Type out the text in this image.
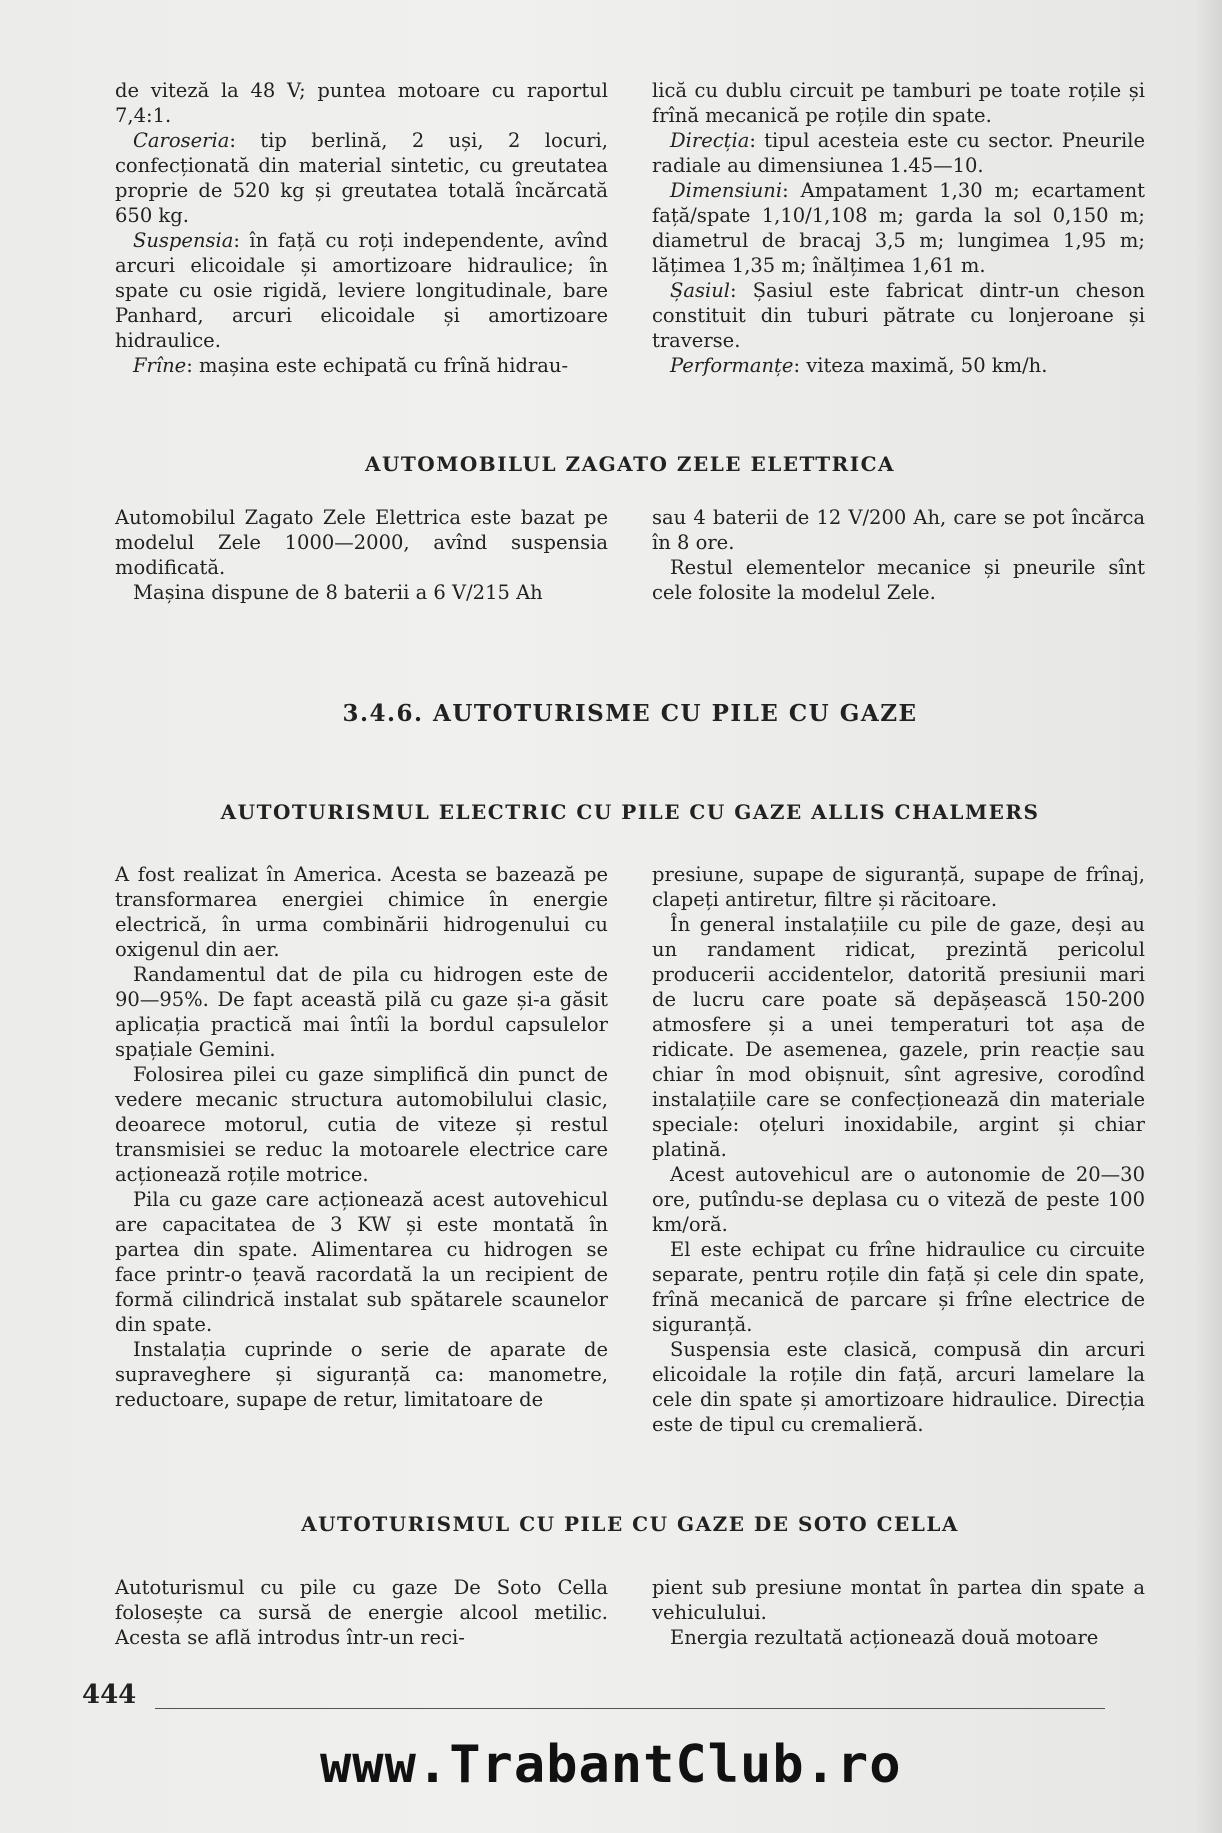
de viteză la 48 V; puntea motoare cu raportul 7,4:1.

Caroseria: tip berlină, 2 uși, 2 locuri, confecționată din material sintetic, cu greutatea proprie de 520 kg și greutatea totală încărcată 650 kg.

Suspensia: în față cu roți independente, avînd arcuri elicoidale și amortizoare hidraulice; în spate cu osie rigidă, leviere longitudinale, bare Panhard, arcuri elicoidale și amortizoare hidraulice.

Frîne: mașina este echipată cu frînă hidrau-

lică cu dublu circuit pe tamburi pe toate roțile și frînă mecanică pe roțile din spate.

Direcția: tipul acesteia este cu sector. Pneurile radiale au dimensiunea 1.45—10.

Dimensiuni: Ampatament 1,30 m; ecartament față/spate 1,10/1,108 m; garda la sol 0,150 m; diametrul de bracaj 3,5 m; lungimea 1,95 m; lățimea 1,35 m; înălțimea 1,61 m.

Șasiul: Șasiul este fabricat dintr-un cheson constituit din tuburi pătrate cu lonjeroane și traverse.

Performanțe: viteza maximă, 50 km/h.

AUTOMOBILUL ZAGATO ZELE ELETTRICA

Automobilul Zagato Zele Elettrica este bazat pe modelul Zele 1000—2000, avînd suspensia modificată.

Mașina dispune de 8 baterii a 6 V/215 Ah

sau 4 baterii de 12 V/200 Ah, care se pot încărca în 8 ore.

Restul elementelor mecanice și pneurile sînt cele folosite la modelul Zele.

3.4.6. AUTOTURISME CU PILE CU GAZE
AUTOTURISMUL ELECTRIC CU PILE CU GAZE ALLIS CHALMERS

A fost realizat în America. Acesta se bazează pe transformarea energiei chimice în energie electrică, în urma combinării hidrogenului cu oxigenul din aer.

Randamentul dat de pila cu hidrogen este de 90—95%. De fapt această pilă cu gaze și-a găsit aplicația practică mai întîi la bordul capsulelor spațiale Gemini.

Folosirea pilei cu gaze simplifică din punct de vedere mecanic structura automobilului clasic, deoarece motorul, cutia de viteze și restul transmisiei se reduc la motoarele electrice care acționează roțile motrice.

Pila cu gaze care acționează acest autovehicul are capacitatea de 3 KW și este montată în partea din spate. Alimentarea cu hidrogen se face printr-o țeavă racordată la un recipient de formă cilindrică instalat sub spătarele scaunelor din spate.

Instalația cuprinde o serie de aparate de supraveghere și siguranță ca: manometre, reductoare, supape de retur, limitatoare de

presiune, supape de siguranță, supape de frînaj, clapeți antiretur, filtre și răcitoare.

În general instalațiile cu pile de gaze, deși au un randament ridicat, prezintă pericolul producerii accidentelor, datorită presiunii mari de lucru care poate să depășească 150-200 atmosfere și a unei temperaturi tot așa de ridicate. De asemenea, gazele, prin reacție sau chiar în mod obișnuit, sînt agresive, corodînd instalațiile care se confecționează din materiale speciale: oțeluri inoxidabile, argint și chiar platină.

Acest autovehicul are o autonomie de 20—30 ore, putîndu-se deplasa cu o viteză de peste 100 km/oră.

El este echipat cu frîne hidraulice cu circuite separate, pentru roțile din față și cele din spate, frînă mecanică de parcare și frîne electrice de siguranță.

Suspensia este clasică, compusă din arcuri elicoidale la roțile din față, arcuri lamelare la cele din spate și amortizoare hidraulice. Direcția este de tipul cu cremalieră.

AUTOTURISMUL CU PILE CU GAZE DE SOTO CELLA

Autoturismul cu pile cu gaze De Soto Cella folosește ca sursă de energie alcool metilic. Acesta se află introdus într-un reci-

pient sub presiune montat în partea din spate a vehiculului.

Energia rezultată acționează două motoare

444
www.TrabantClub.ro
